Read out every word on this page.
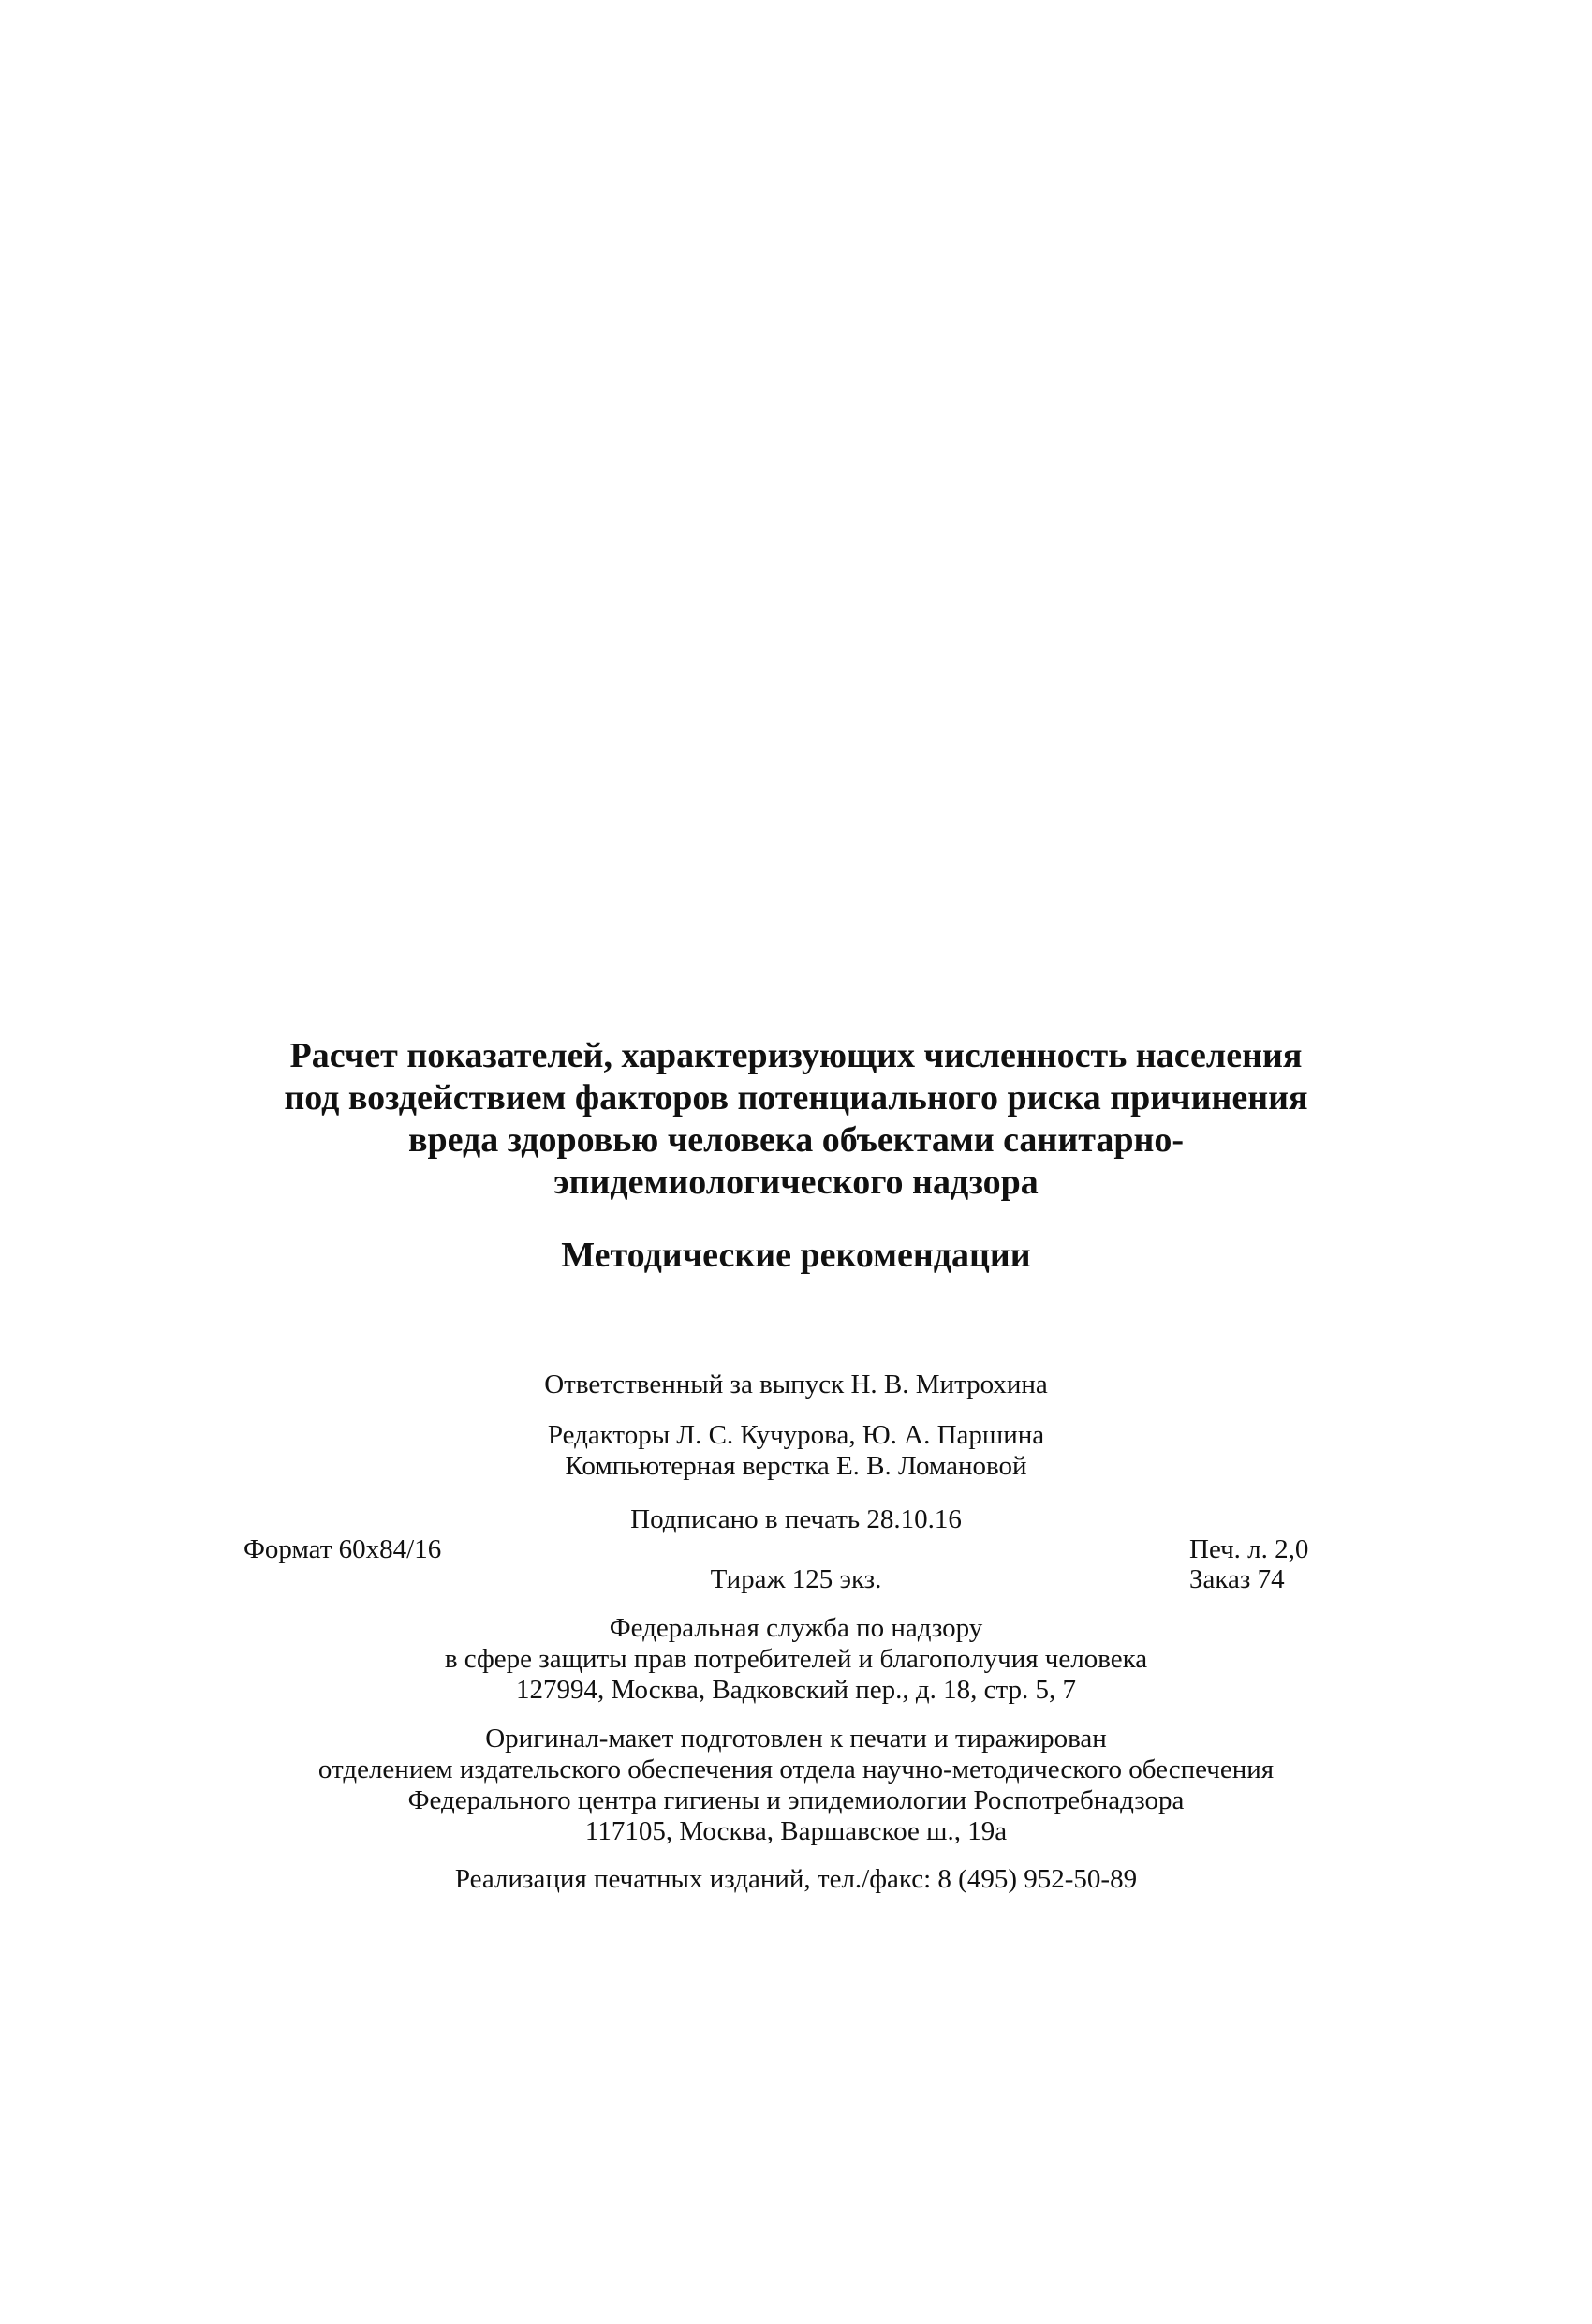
Расчет показателей, характеризующих численность населения
под воздействием факторов потенциального риска причинения
вреда здоровью человека объектами санитарно-
эпидемиологического надзора
Методические рекомендации
Ответственный за выпуск Н. В. Митрохина
Редакторы Л. С. Кучурова, Ю. А. Паршина
Компьютерная верстка Е. В. Ломановой
Подписано в печать 28.10.16
Формат 60x84/16	Печ. л. 2,0
Тираж 125 экз.	Заказ 74
Федеральная служба по надзору
в сфере защиты прав потребителей и благополучия человека
127994, Москва, Вадковский пер., д. 18, стр. 5, 7
Оригинал-макет подготовлен к печати и тиражирован
отделением издательского обеспечения отдела научно-методического обеспечения
Федерального центра гигиены и эпидемиологии Роспотребнадзора
117105, Москва, Варшавское ш., 19а
Реализация печатных изданий, тел./факс: 8 (495) 952-50-89
